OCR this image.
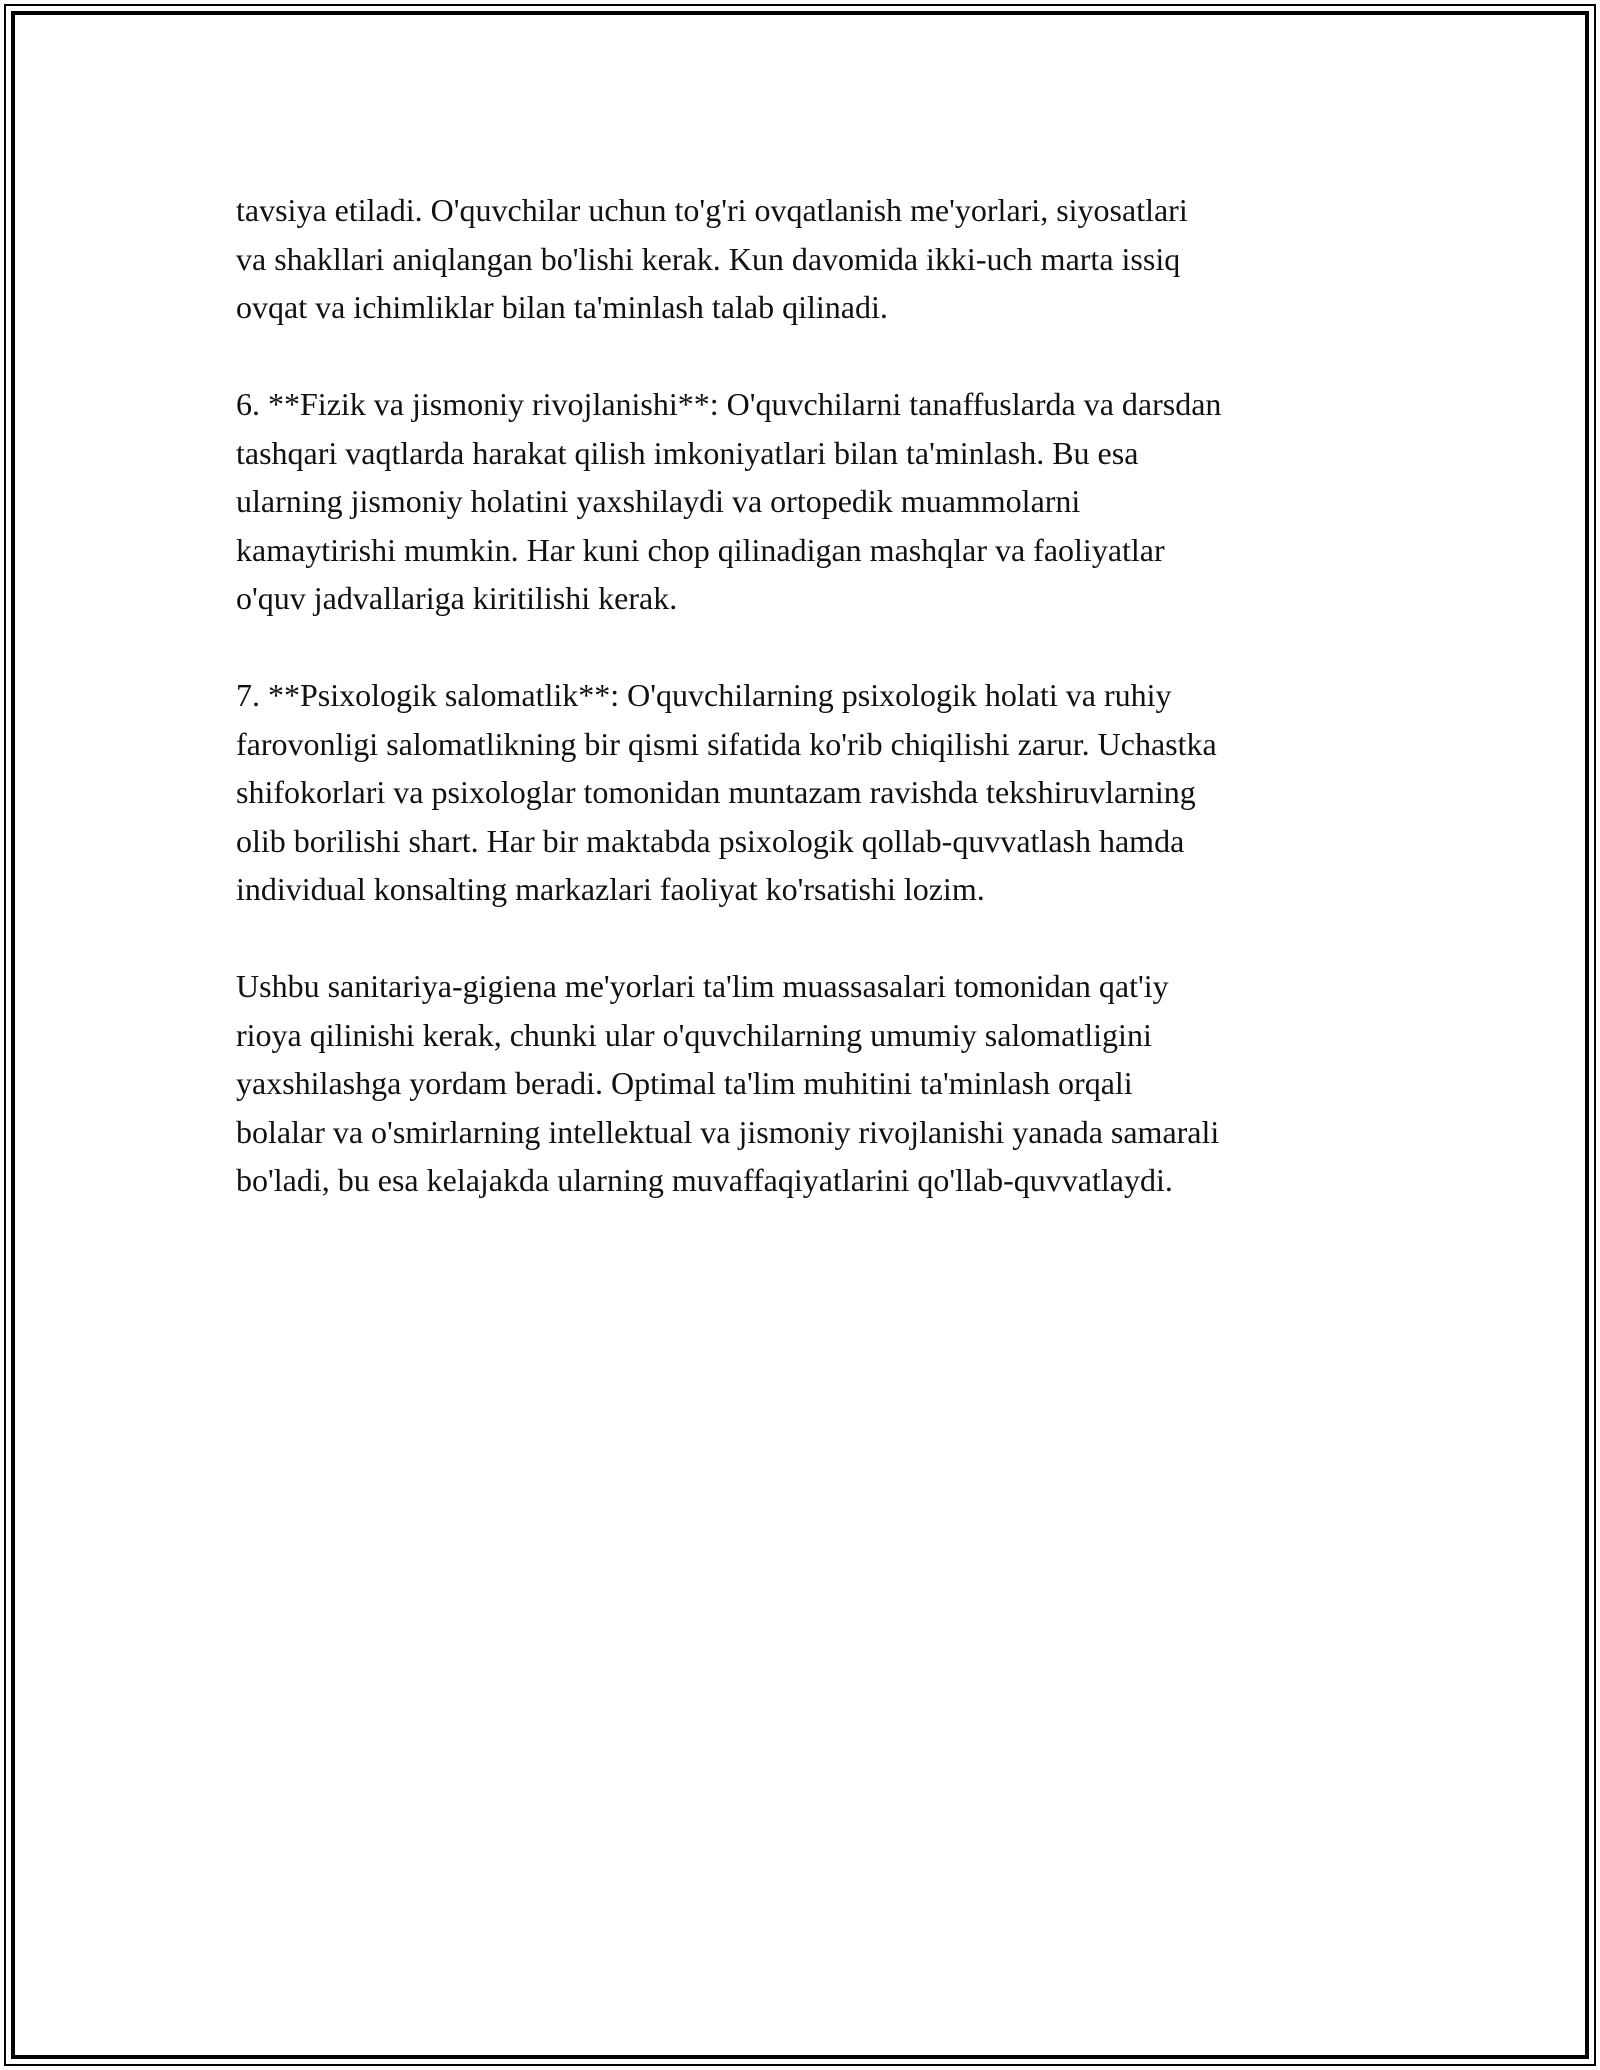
tavsiya etiladi. O'quvchilar uchun to'g'ri ovqatlanish me'yorlari, siyosatlari
va shakllari aniqlangan bo'lishi kerak. Kun davomida ikki-uch marta issiq
ovqat va ichimliklar bilan ta'minlash talab qilinadi.

6. **Fizik va jismoniy rivojlanishi**: O'quvchilarni tanaffuslarda va darsdan
tashqari vaqtlarda harakat qilish imkoniyatlari bilan ta'minlash. Bu esa
ularning jismoniy holatini yaxshilaydi va ortopedik muammolarni
kamaytirishi mumkin. Har kuni chop qilinadigan mashqlar va faoliyatlar
o'quv jadvallariga kiritilishi kerak.

7. **Psixologik salomatlik**: O'quvchilarning psixologik holati va ruhiy
farovonligi salomatlikning bir qismi sifatida ko'rib chiqilishi zarur. Uchastka
shifokorlari va psixologlar tomonidan muntazam ravishda tekshiruvlarning
olib borilishi shart. Har bir maktabda psixologik qollab-quvvatlash hamda
individual konsalting markazlari faoliyat ko'rsatishi lozim.

Ushbu sanitariya-gigiena me'yorlari ta'lim muassasalari tomonidan qat'iy
rioya qilinishi kerak, chunki ular o'quvchilarning umumiy salomatligini
yaxshilashga yordam beradi. Optimal ta'lim muhitini ta'minlash orqali
bolalar va o'smirlarning intellektual va jismoniy rivojlanishi yanada samarali
bo'ladi, bu esa kelajakda ularning muvaffaqiyatlarini qo'llab-quvvatlaydi.
